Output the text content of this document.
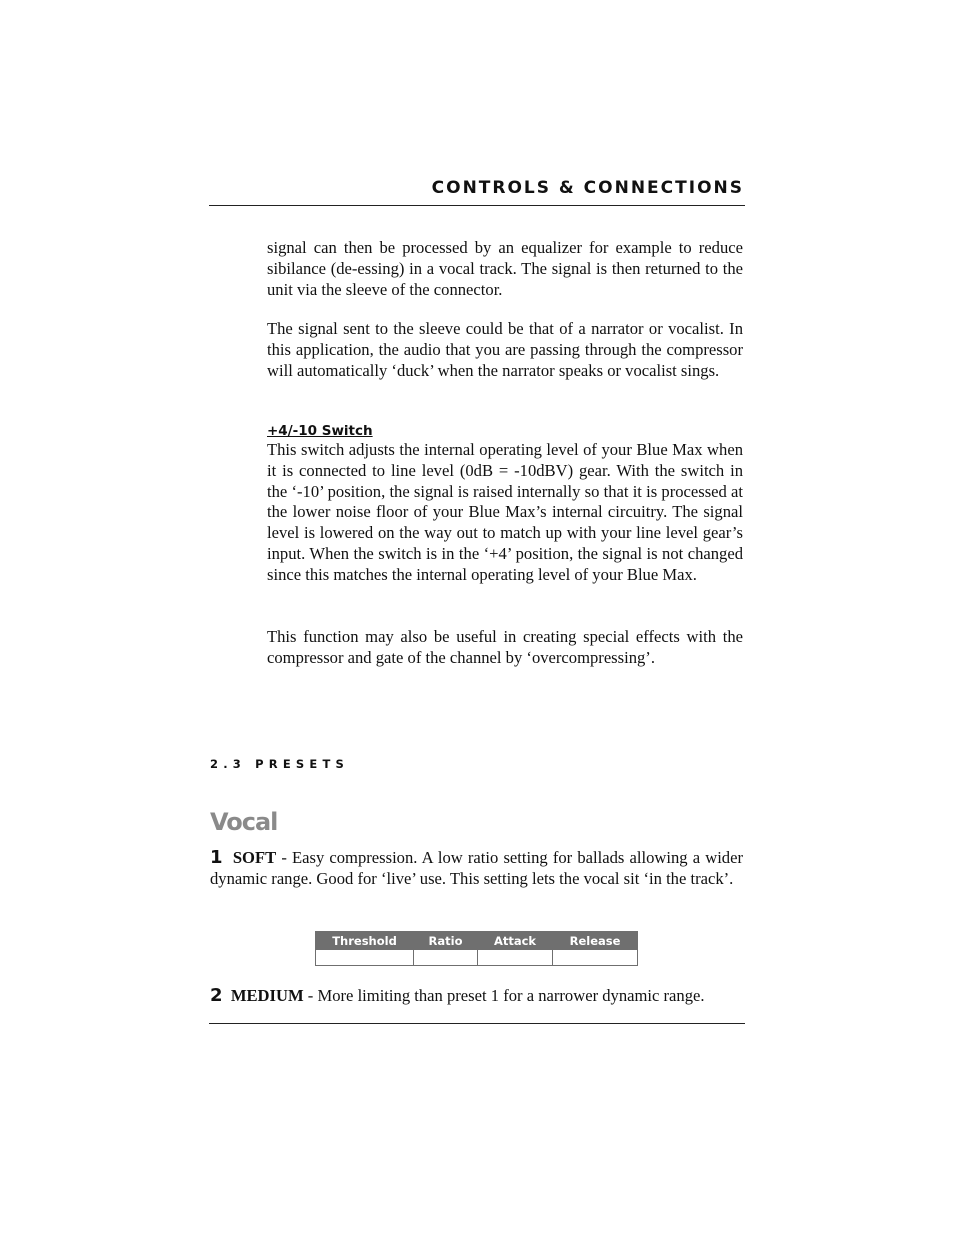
CONTROLS & CONNECTIONS

signal can then be processed by an equalizer for example to reduce sibilance (de-essing) in a vocal track. The signal is then returned to the unit via the sleeve of the connector.

The signal sent to the sleeve could be that of a narrator or vocalist. In this application, the audio that you are passing through the compressor will automatically ‘duck’ when the narrator speaks or vocalist sings.

+4/-10 Switch

This switch adjusts the internal operating level of your Blue Max when it is connected to line level (0dB = -10dBV) gear. With the switch in the ‘-10’ position, the signal is raised internally so that it is processed at the lower noise floor of your Blue Max’s internal circuitry. The signal level is lowered on the way out to match up with your line level gear’s input. When the switch is in the ‘+4’ position, the signal is not changed since this matches the internal operating level of your Blue Max.

This function may also be useful in creating special effects with the compressor and gate of the channel by ‘overcompressing’.

2.3 PRESETS
Vocal

1 SOFT - Easy compression. A low ratio setting for ballads allowing a wider dynamic range. Good for ‘live’ use. This setting lets the vocal sit ‘in the track’.

Threshold	Ratio	Attack	Release

2 MEDIUM - More limiting than preset 1 for a narrower dynamic range.
